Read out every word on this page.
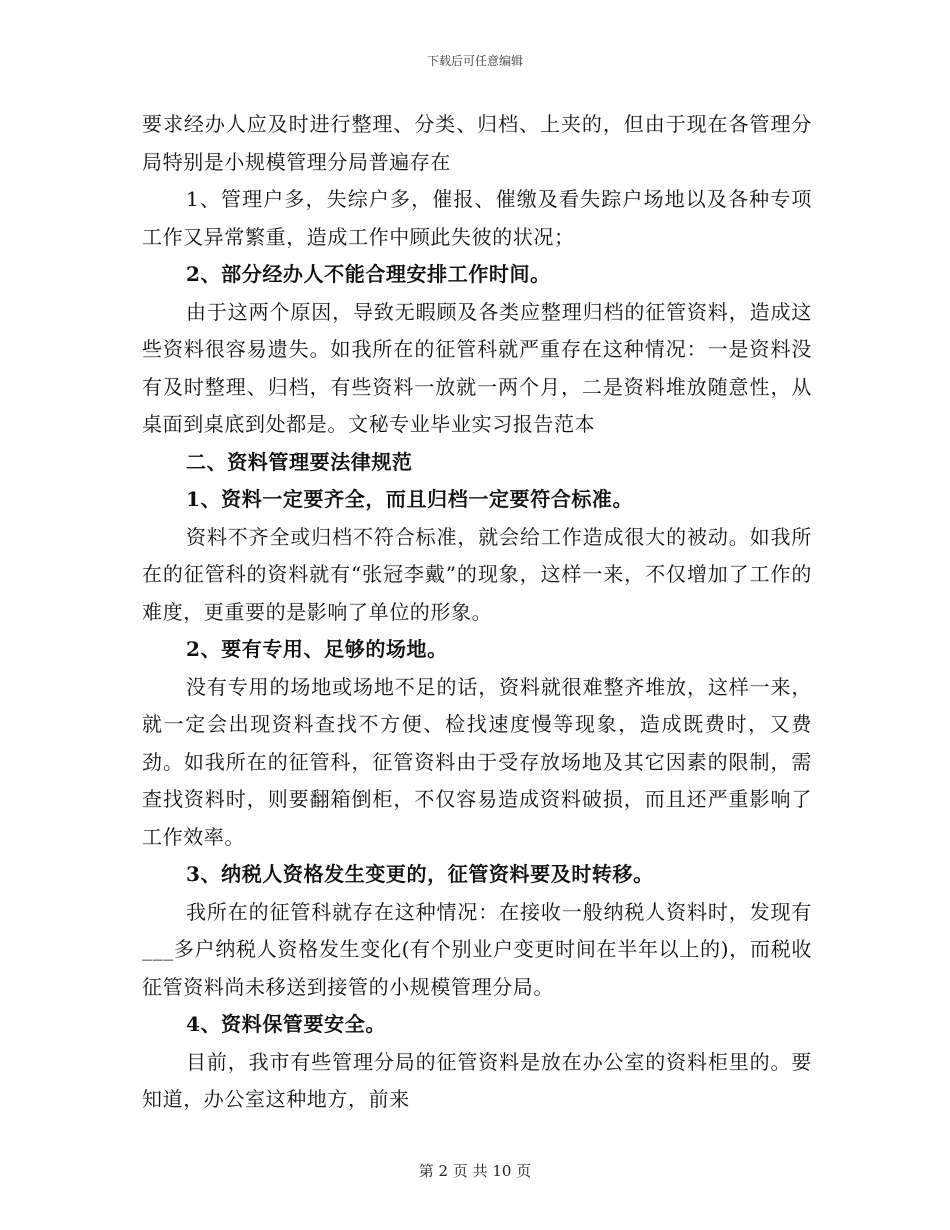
下载后可任意编辑

要求经办人应及时进行整理、分类、归档、上夹的，但由于现在各管理分局特别是小规模管理分局普遍存在

1、管理户多，失综户多，催报、催缴及看失踪户场地以及各种专项工作又异常繁重，造成工作中顾此失彼的状况；

2、部分经办人不能合理安排工作时间。

由于这两个原因，导致无暇顾及各类应整理归档的征管资料，造成这些资料很容易遗失。如我所在的征管科就严重存在这种情况：一是资料没有及时整理、归档，有些资料一放就一两个月，二是资料堆放随意性，从桌面到桌底到处都是。文秘专业毕业实习报告范本

二、资料管理要法律规范

1、资料一定要齐全，而且归档一定要符合标准。

资料不齐全或归档不符合标准，就会给工作造成很大的被动。如我所在的征管科的资料就有“张冠李戴”的现象，这样一来，不仅增加了工作的难度，更重要的是影响了单位的形象。

2、要有专用、足够的场地。

没有专用的场地或场地不足的话，资料就很难整齐堆放，这样一来，就一定会出现资料查找不方便、检找速度慢等现象，造成既费时，又费劲。如我所在的征管科，征管资料由于受存放场地及其它因素的限制，需查找资料时，则要翻箱倒柜，不仅容易造成资料破损，而且还严重影响了工作效率。

3、纳税人资格发生变更的，征管资料要及时转移。

我所在的征管科就存在这种情况：在接收一般纳税人资料时，发现有___多户纳税人资格发生变化(有个别业户变更时间在半年以上的)，而税收征管资料尚未移送到接管的小规模管理分局。

4、资料保管要安全。

目前，我市有些管理分局的征管资料是放在办公室的资料柜里的。要知道，办公室这种地方，前来

第 2 页 共 10 页
